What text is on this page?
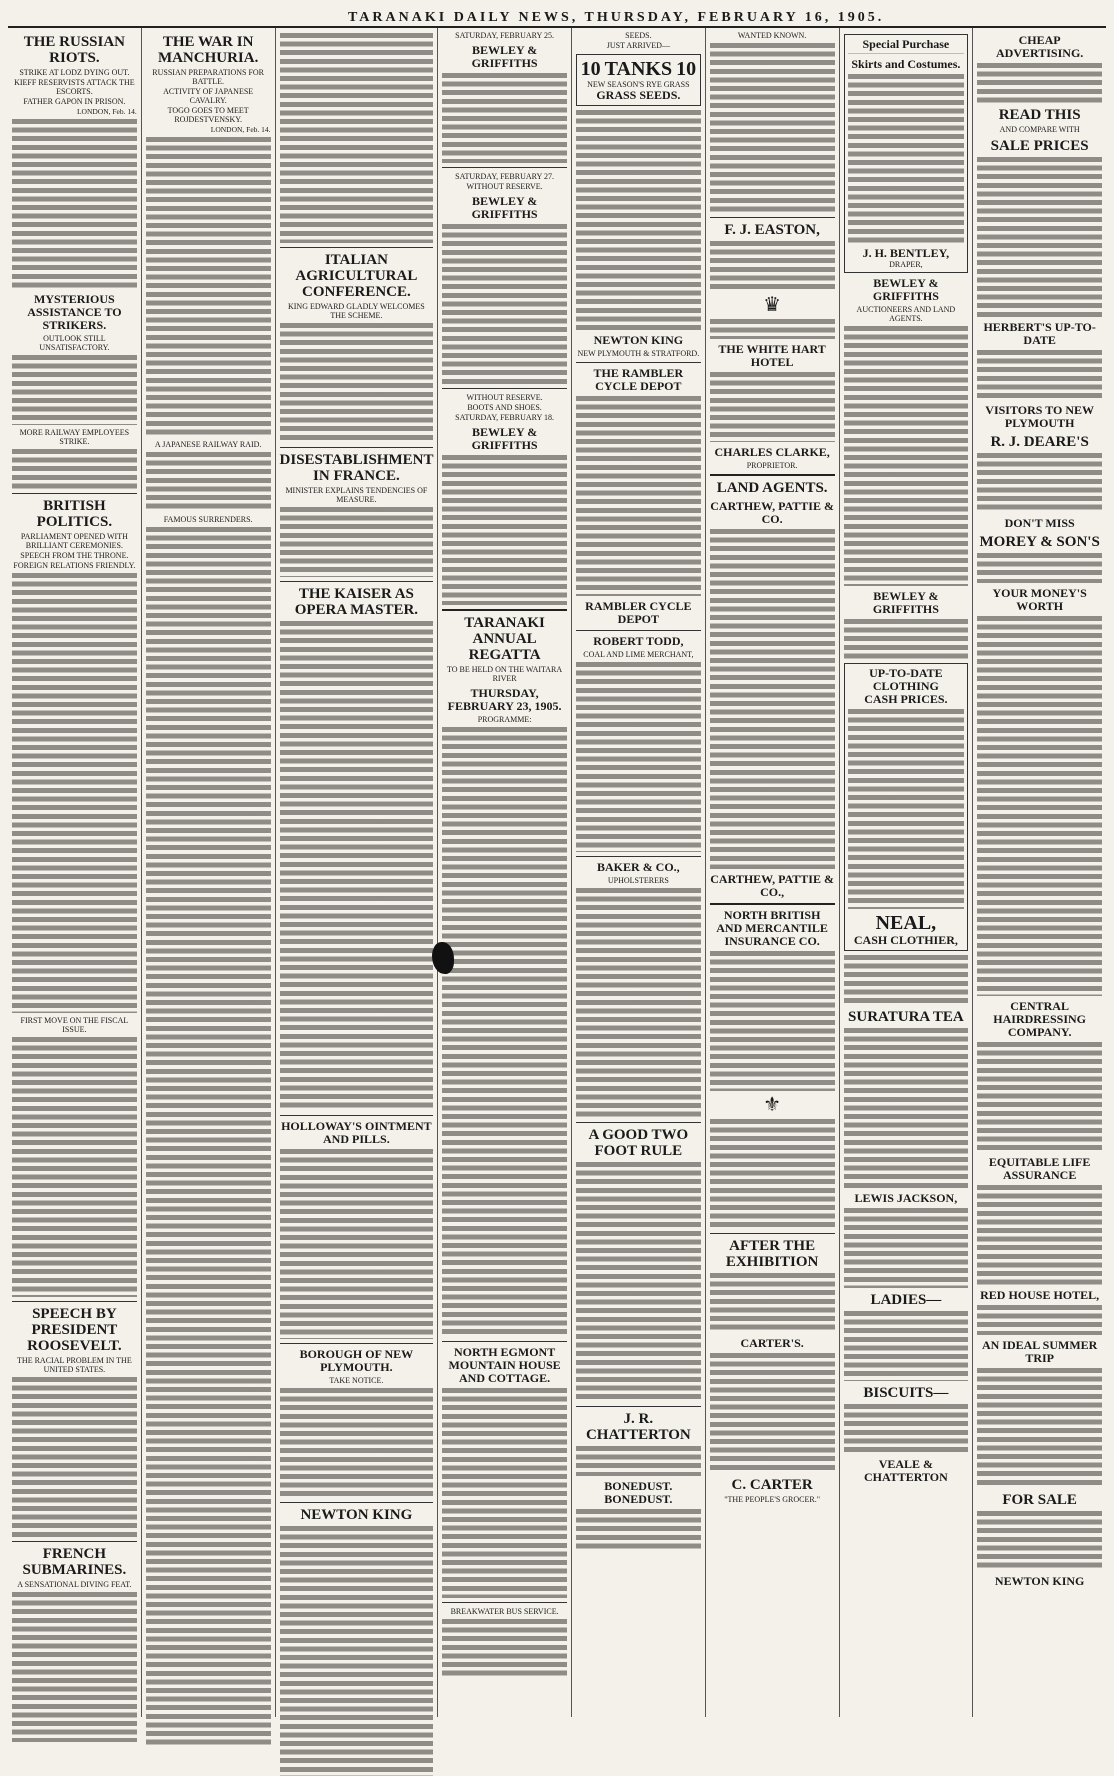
TARANAKI DAILY NEWS, THURSDAY, FEBRUARY 16, 1905.
THE RUSSIAN RIOTS.
STRIKE AT LODZ DYING OUT.
KIEFF RESERVISTS ATTACK THE ESCORTS.
FATHER GAPON IN PRISON.
LONDON, Feb. 14.
MYSTERIOUS ASSISTANCE TO STRIKERS.
OUTLOOK STILL UNSATISFACTORY.
MORE RAILWAY EMPLOYEES STRIKE.
BRITISH POLITICS.
PARLIAMENT OPENED WITH BRILLIANT CEREMONIES.
SPEECH FROM THE THRONE.
FOREIGN RELATIONS FRIENDLY.
FIRST MOVE ON THE FISCAL ISSUE.
SPEECH BY PRESIDENT ROOSEVELT.
THE RACIAL PROBLEM IN THE UNITED STATES.
FRENCH SUBMARINES.
A SENSATIONAL DIVING FEAT.
THE WAR IN MANCHURIA.
RUSSIAN PREPARATIONS FOR BATTLE.
ACTIVITY OF JAPANESE CAVALRY.
TOGO GOES TO MEET ROJDESTVENSKY.
LONDON, Feb. 14.
A JAPANESE RAILWAY RAID.
FAMOUS SURRENDERS.
ITALIAN AGRICULTURAL CONFERENCE.
KING EDWARD GLADLY WELCOMES THE SCHEME.
DISESTABLISHMENT IN FRANCE.
MINISTER EXPLAINS TENDENCIES OF MEASURE.
THE KAISER AS OPERA MASTER.
HOLLOWAY'S OINTMENT AND PILLS.
BOROUGH OF NEW PLYMOUTH.
TAKE NOTICE.
NEWTON KING
SATURDAY, FEBRUARY 25.
BEWLEY & GRIFFITHS
SATURDAY, FEBRUARY 27.
WITHOUT RESERVE.
BEWLEY & GRIFFITHS
WITHOUT RESERVE.
BOOTS AND SHOES.
SATURDAY, FEBRUARY 18.
BEWLEY & GRIFFITHS
TARANAKI ANNUAL REGATTA
TO BE HELD ON THE WAITARA RIVER
THURSDAY, FEBRUARY 23, 1905.
PROGRAMME:
NORTH EGMONT MOUNTAIN HOUSE AND COTTAGE.
BREAKWATER BUS SERVICE.
SEEDS.
JUST ARRIVED—
10 TANKS 10
NEW SEASON'S RYE GRASS
GRASS SEEDS.
NEWTON KING
NEW PLYMOUTH & STRATFORD.
THE RAMBLER CYCLE DEPOT
RAMBLER CYCLE DEPOT
ROBERT TODD,
COAL AND LIME MERCHANT,
BAKER & CO.,
UPHOLSTERERS
A GOOD TWO FOOT RULE
J. R. CHATTERTON
BONEDUST. BONEDUST.
WANTED KNOWN.
F. J. EASTON,
♛
THE WHITE HART HOTEL
CHARLES CLARKE,
PROPRIETOR.
LAND AGENTS.
CARTHEW, PATTIE & CO.
CARTHEW, PATTIE & CO.,
NORTH BRITISH AND MERCANTILE INSURANCE CO.
⚜
AFTER THE EXHIBITION
CARTER'S.
C. CARTER
"THE PEOPLE'S GROCER."
Special Purchase
Skirts and Costumes.
J. H. BENTLEY,
DRAPER,
BEWLEY & GRIFFITHS
AUCTIONEERS AND LAND AGENTS.
BEWLEY & GRIFFITHS
UP-TO-DATE CLOTHING
CASH PRICES.
NEAL,
CASH CLOTHIER,
SURATURA TEA
LEWIS JACKSON,
LADIES—
BISCUITS—
VEALE & CHATTERTON
CHEAP ADVERTISING.
READ THIS
AND COMPARE WITH
SALE PRICES
HERBERT'S UP-TO-DATE
VISITORS TO NEW PLYMOUTH
R. J. DEARE'S
DON'T MISS
MOREY & SON'S
YOUR MONEY'S WORTH
CENTRAL HAIRDRESSING COMPANY.
EQUITABLE LIFE ASSURANCE
RED HOUSE HOTEL,
AN IDEAL SUMMER TRIP
FOR SALE
NEWTON KING
